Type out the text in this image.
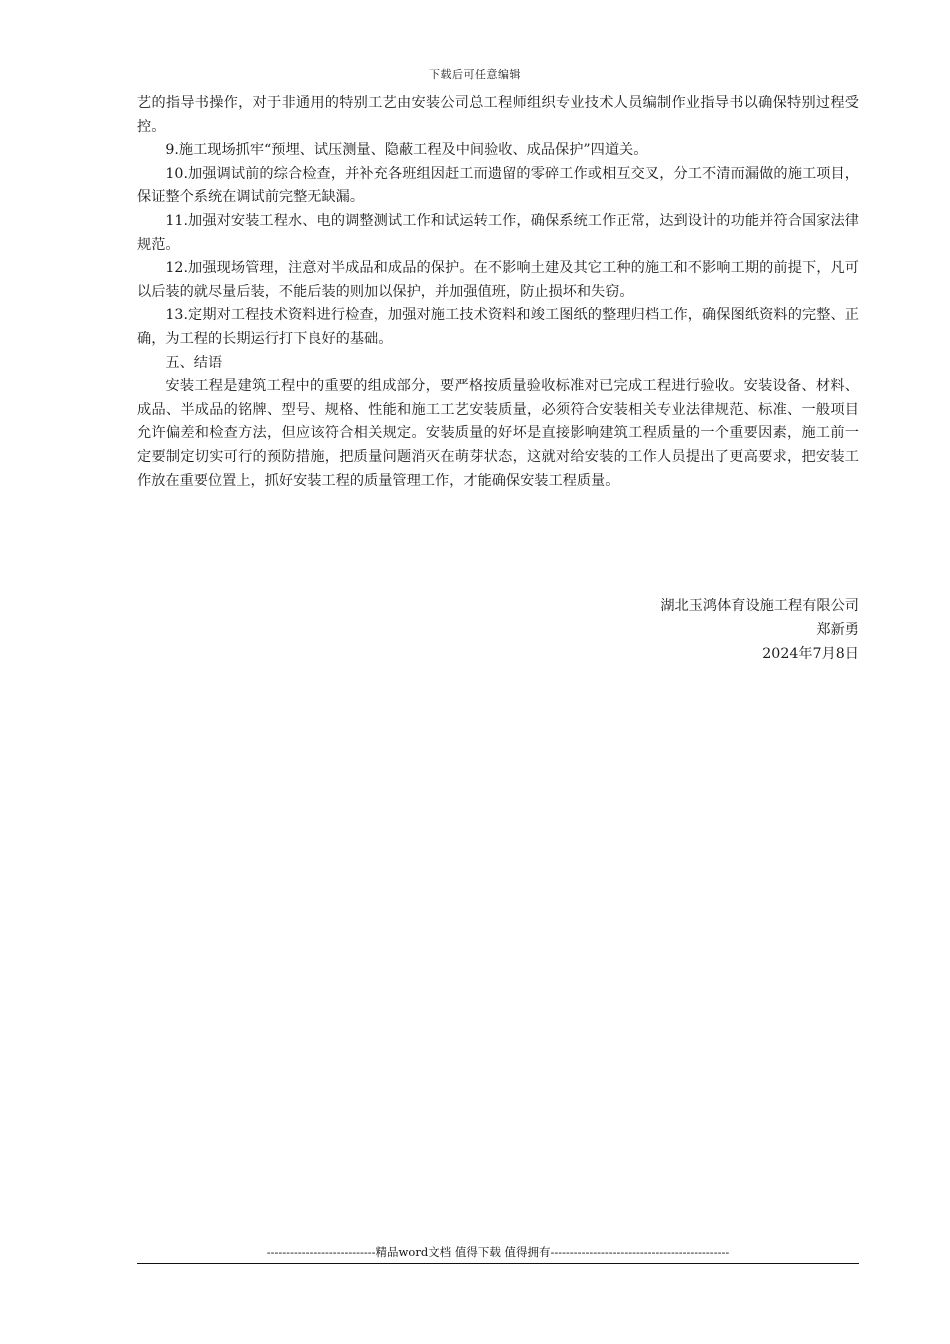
下载后可任意编辑

艺的指导书操作，对于非通用的特别工艺由安装公司总工程师组织专业技术人员编制作业指导书以确保特别过程受控。

9.施工现场抓牢“预埋、试压测量、隐蔽工程及中间验收、成品保护”四道关。

10.加强调试前的综合检查，并补充各班组因赶工而遗留的零碎工作或相互交叉，分工不清而漏做的施工项目，保证整个系统在调试前完整无缺漏。

11.加强对安装工程水、电的调整测试工作和试运转工作，确保系统工作正常，达到设计的功能并符合国家法律规范。

12.加强现场管理，注意对半成品和成品的保护。在不影响土建及其它工种的施工和不影响工期的前提下，凡可以后装的就尽量后装，不能后装的则加以保护，并加强值班，防止损坏和失窃。

13.定期对工程技术资料进行检查，加强对施工技术资料和竣工图纸的整理归档工作，确保图纸资料的完整、正确，为工程的长期运行打下良好的基础。

五、结语

安装工程是建筑工程中的重要的组成部分，要严格按质量验收标准对已完成工程进行验收。安装设备、材料、成品、半成品的铭牌、型号、规格、性能和施工工艺安装质量，必须符合安装相关专业法律规范、标准、一般项目允许偏差和检查方法，但应该符合相关规定。安装质量的好坏是直接影响建筑工程质量的一个重要因素，施工前一定要制定切实可行的预防措施，把质量问题消灭在萌芽状态，这就对给安装的工作人员提出了更高要求，把安装工作放在重要位置上，抓好安装工程的质量管理工作，才能确保安装工程质量。

湖北玉鸿体育设施工程有限公司
郑新勇
2024年7月8日
----------------------------精品word文档 值得下载 值得拥有----------------------------------------------
